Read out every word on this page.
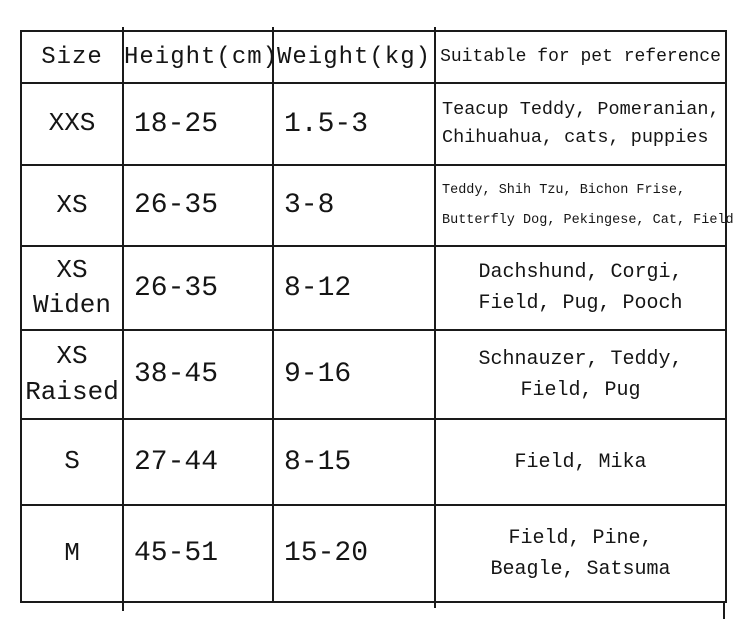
Size	Height(cm)	Weight(kg)	Suitable for pet reference

XXS	18-25	1.5-3	Teacup Teddy, Pomeranian,
Chihuahua, cats, puppies

XS	26-35	3-8	Teddy, Shih Tzu, Bichon Frise,
Butterfly Dog, Pekingese, Cat, Field

XS
Widen	26-35	8-12	Dachshund, Corgi,
Field, Pug, Pooch

XS
Raised	38-45	9-16	Schnauzer, Teddy,
Field, Pug

S	27-44	8-15	Field, Mika

M	45-51	15-20	Field, Pine,
Beagle, Satsuma
